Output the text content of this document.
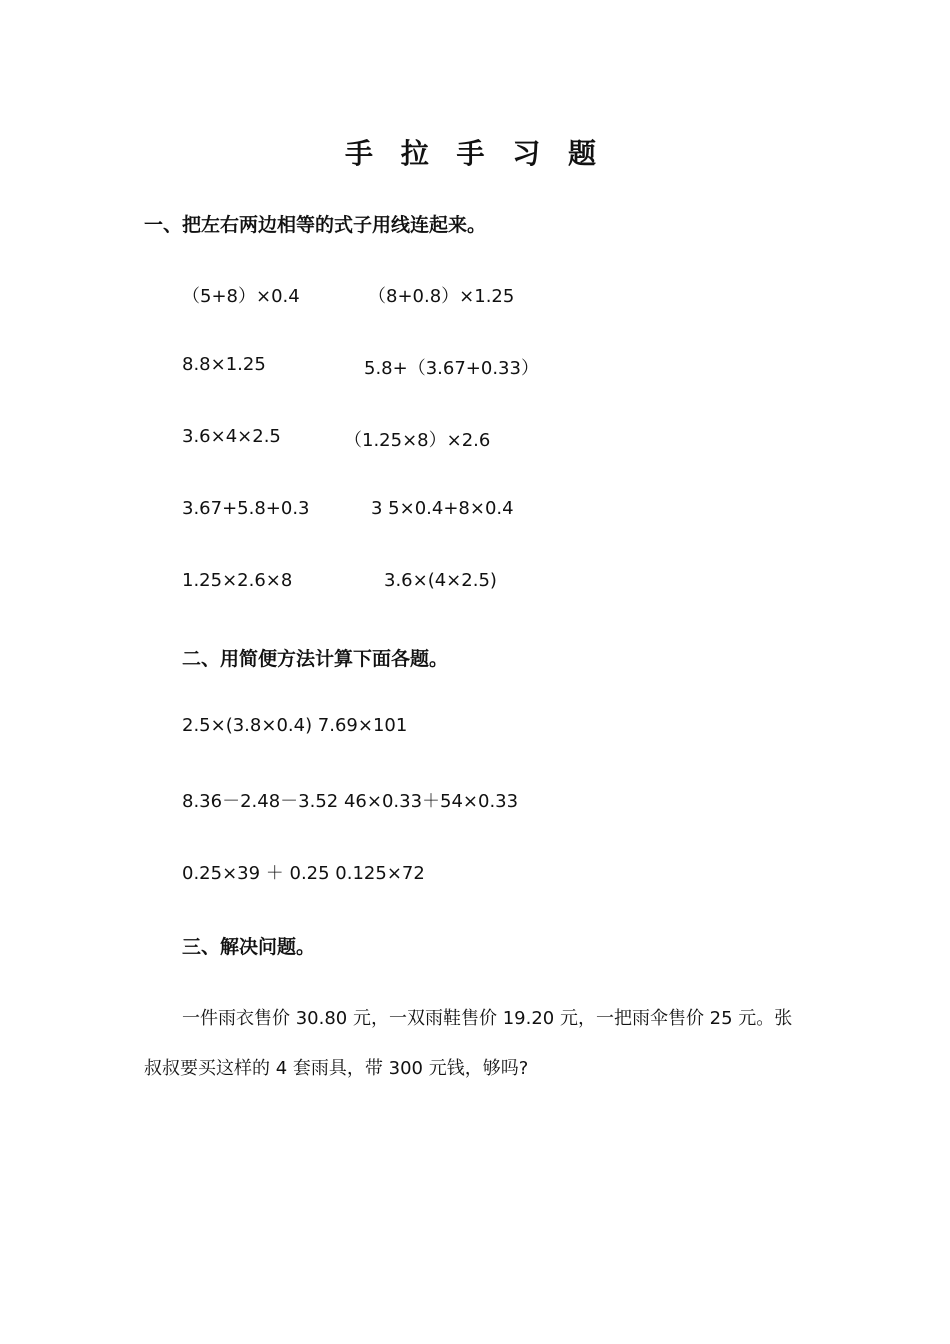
手 拉 手 习 题
一、把左右两边相等的式子用线连起来。
（5+8）×0.4	（8+0.8）×1.25
8.8×1.25	5.8+（3.67+0.33）
3.6×4×2.5	（1.25×8）×2.6
3.67+5.8+0.3	3 5×0.4+8×0.4
1.25×2.6×8	3.6×(4×2.5)
二、用简便方法计算下面各题。
2.5×(3.8×0.4) 7.69×101
8.36－2.48－3.52 46×0.33＋54×0.33
0.25×39 ＋ 0.25 0.125×72
三、解决问题。
一件雨衣售价 30.80 元，一双雨鞋售价 19.20 元，一把雨伞售价 25 元。张
叔叔要买这样的 4 套雨具，带 300 元钱，够吗?
